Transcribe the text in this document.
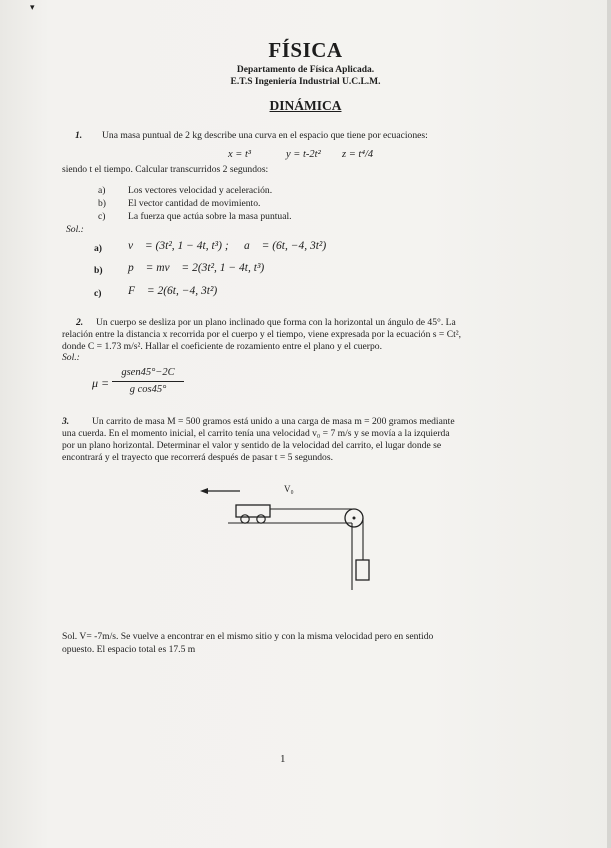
▾
FÍSICA
Departamento de Física Aplicada.
E.T.S Ingeniería Industrial U.C.L.M.
DINÁMICA
1. Una masa puntual de 2 kg describe una curva en el espacio que tiene por ecuaciones:
x = t³	y = t-2t² z = t⁴/4
siendo t el tiempo. Calcular transcurridos 2 segundos:
a) Los vectores velocidad y aceleración.
b) El vector cantidad de movimiento.
c) La fuerza que actúa sobre la masa puntual.
Sol.:
a) v⃗ = (3t², 1 − 4t, t³) ; a⃗ = (6t, −4, 3t²)
b) p⃗ = mv⃗ = 2(3t², 1 − 4t, t³)
c) F⃗ = 2(6t, −4, 3t²)
2. Un cuerpo se desliza por un plano inclinado que forma con la horizontal un ángulo de 45°. La
relación entre la distancia x recorrida por el cuerpo y el tiempo, viene expresada por la ecuación s = Ct²,
donde C = 1.73 m/s². Hallar el coeficiente de rozamiento entre el plano y el cuerpo.
Sol.:
μ =
gsen45°−2C
g cos45°
3. Un carrito de masa M = 500 gramos está unido a una carga de masa m = 200 gramos mediante
una cuerda. En el momento inicial, el carrito tenía una velocidad v₀ = 7 m/s y se movía a la izquierda
por un plano horizontal. Determinar el valor y sentido de la velocidad del carrito, el lugar donde se
encontrará y el trayecto que recorrerá después de pasar t = 5 segundos.
V₀
Sol. V= -7m/s. Se vuelve a encontrar en el mismo sitio y con la misma velocidad pero en sentido
opuesto. El espacio total es 17.5 m
1
